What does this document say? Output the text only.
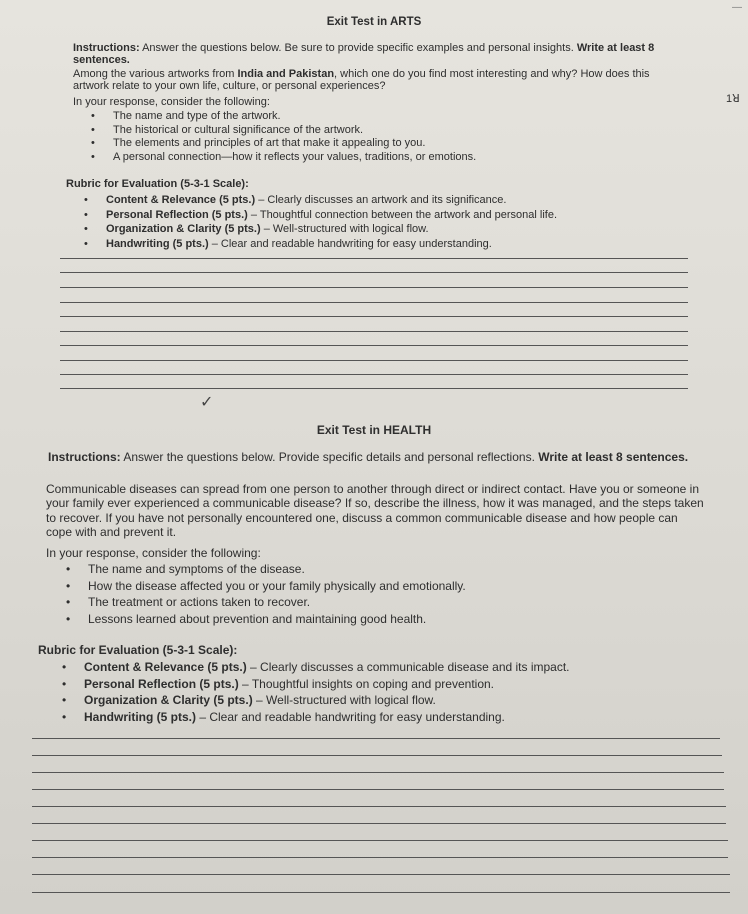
—
1ꓤ
✓
Exit Test in ARTS

Instructions: Answer the questions below. Be sure to provide specific examples and personal insights. Write at least 8 sentences.

Among the various artworks from India and Pakistan, which one do you find most interesting and why? How does this artwork relate to your own life, culture, or personal experiences?

In your response, consider the following:

• The name and type of the artwork.
• The historical or cultural significance of the artwork.
• The elements and principles of art that make it appealing to you.
• A personal connection—how it reflects your values, traditions, or emotions.

Rubric for Evaluation (5-3-1 Scale):

• Content & Relevance (5 pts.) – Clearly discusses an artwork and its significance.
• Personal Reflection (5 pts.) – Thoughtful connection between the artwork and personal life.
• Organization & Clarity (5 pts.) – Well-structured with logical flow.
• Handwriting (5 pts.) – Clear and readable handwriting for easy understanding.
Exit Test in HEALTH

Instructions: Answer the questions below. Provide specific details and personal reflections. Write at least 8 sentences.

Communicable diseases can spread from one person to another through direct or indirect contact. Have you or someone in your family ever experienced a communicable disease? If so, describe the illness, how it was managed, and the steps taken to recover. If you have not personally encountered one, discuss a common communicable disease and how people can cope with and prevent it.

In your response, consider the following:

• The name and symptoms of the disease.
• How the disease affected you or your family physically and emotionally.
• The treatment or actions taken to recover.
• Lessons learned about prevention and maintaining good health.

Rubric for Evaluation (5-3-1 Scale):

• Content & Relevance (5 pts.) – Clearly discusses a communicable disease and its impact.
• Personal Reflection (5 pts.) – Thoughtful insights on coping and prevention.
• Organization & Clarity (5 pts.) – Well-structured with logical flow.
• Handwriting (5 pts.) – Clear and readable handwriting for easy understanding.
